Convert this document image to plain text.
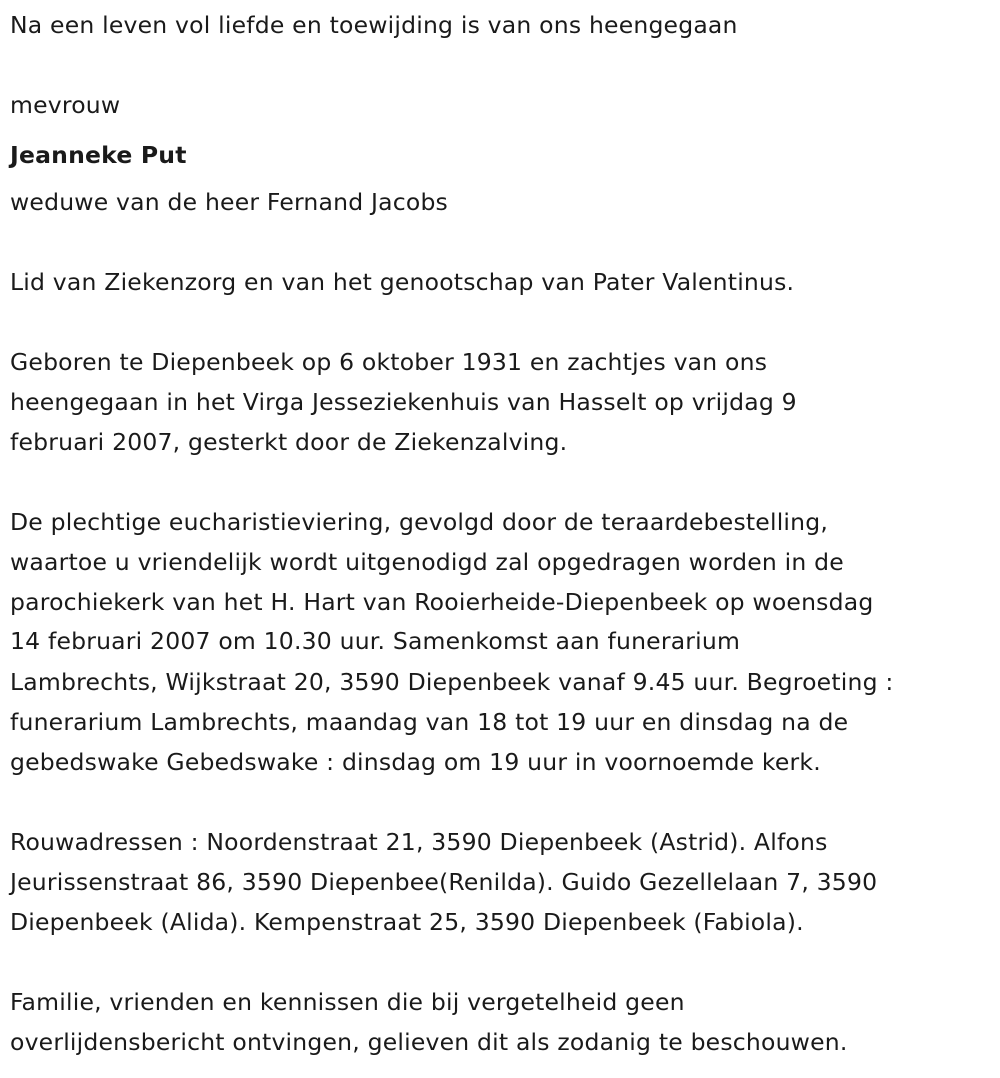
Na een leven vol liefde en toewijding is van ons heengegaan
mevrouw
Jeanneke Put
weduwe van de heer Fernand Jacobs
Lid van Ziekenzorg en van het genootschap van Pater Valentinus.
Geboren te Diepenbeek op 6 oktober 1931 en zachtjes van ons
heengegaan in het Virga Jesseziekenhuis van Hasselt op vrijdag 9
februari 2007, gesterkt door de Ziekenzalving.
De plechtige eucharistieviering, gevolgd door de teraardebestelling,
waartoe u vriendelijk wordt uitgenodigd zal opgedragen worden in de
parochiekerk van het H. Hart van Rooierheide-Diepenbeek op woensdag
14 februari 2007 om 10.30 uur. Samenkomst aan funerarium
Lambrechts, Wijkstraat 20, 3590 Diepenbeek vanaf 9.45 uur. Begroeting :
funerarium Lambrechts, maandag van 18 tot 19 uur en dinsdag na de
gebedswake Gebedswake : dinsdag om 19 uur in voornoemde kerk.
Rouwadressen : Noordenstraat 21, 3590 Diepenbeek (Astrid). Alfons
Jeurissenstraat 86, 3590 Diepenbee(Renilda). Guido Gezellelaan 7, 3590
Diepenbeek (Alida). Kempenstraat 25, 3590 Diepenbeek (Fabiola).
Familie, vrienden en kennissen die bij vergetelheid geen
overlijdensbericht ontvingen, gelieven dit als zodanig te beschouwen.
